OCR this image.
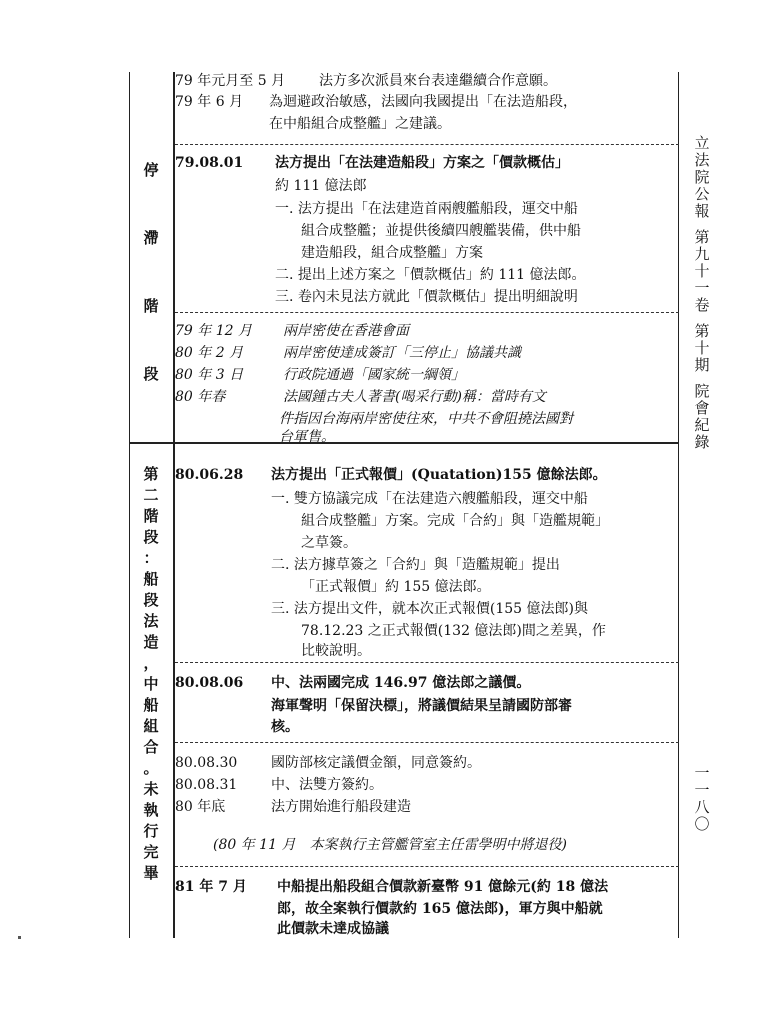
停
滯
階
段
第
二
階
段
：
船
段
法
造
，
中
船
組
合
。
未
執
行
完
畢
79 年元月至 5 月 法方多次派員來台表達繼續合作意願。
79 年 6 月 為迴避政治敏感，法國向我國提出「在法造船段，
在中船組合成整艦」之建議。
79.08.01 法方提出「在法建造船段」方案之「價款概估」
約 111 億法郎
一. 法方提出「在法建造首兩艘艦船段，運交中船
組合成整艦；並提供後續四艘艦裝備，供中船
建造船段，組合成整艦」方案
二. 提出上述方案之「價款概估」約 111 億法郎。
三. 卷內未見法方就此「價款概估」提出明細說明
79 年 12 月 兩岸密使在香港會面
80 年 2 月	兩岸密使達成簽訂「三停止」協議共識
80 年 3 日	行政院通過「國家統一綱領」
80 年春	法國鍾古夫人著書(喝采行動)稱：當時有文
件指因台海兩岸密使往來，中共不會阻撓法國對
台軍售。
80.06.28 法方提出「正式報價」(Quatation)155 億餘法郎。
一. 雙方協議完成「在法建造六艘艦船段，運交中船
組合成整艦」方案。完成「合約」與「造艦規範」
之草簽。
二. 法方據草簽之「合約」與「造艦規範」提出
「正式報價」約 155 億法郎。
三. 法方提出文件，就本次正式報價(155 億法郎)與
78.12.23 之正式報價(132 億法郎)間之差異，作
比較說明。
80.08.06 中、法兩國完成 146.97 億法郎之議價。
海軍聲明「保留決標」，將議價結果呈請國防部審
核。
80.08.30 國防部核定議價金額，同意簽約。
80.08.31 中、法雙方簽約。
80 年底	法方開始進行船段建造
(80 年 11 月　本案執行主管艦管室主任雷學明中將退役)
81 年 7 月 中船提出船段組合價款新臺幣 91 億餘元(約 18 億法
郎，故全案執行價款約 165 億法郎)，軍方與中船就
此價款未達成協議
立
法
院
公
報
第
九
十
一
卷
第
十
期
院
會
紀
錄
一
一
八
〇
